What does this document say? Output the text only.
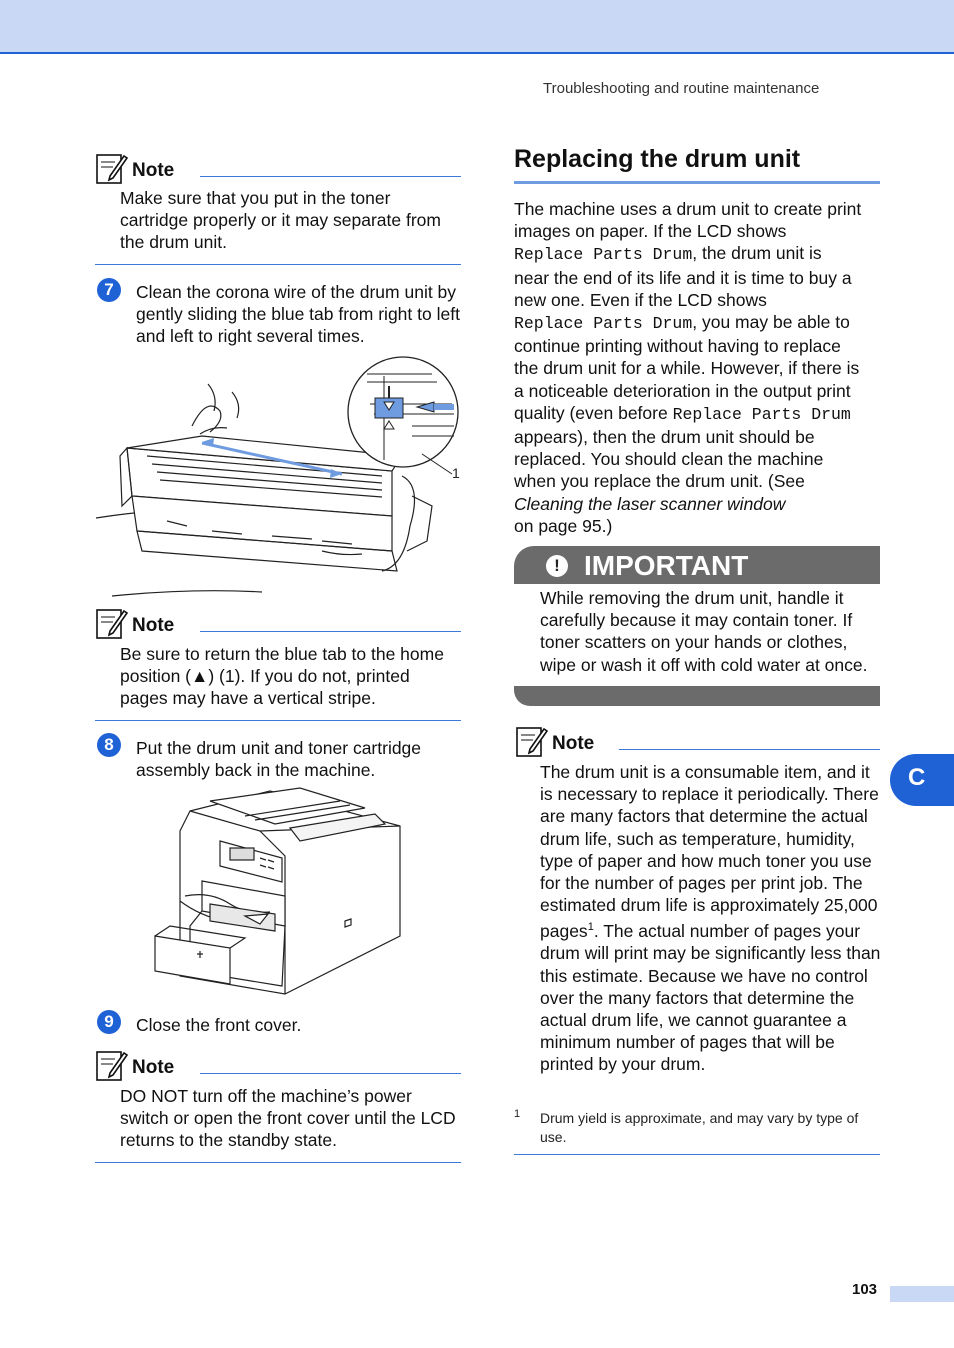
Troubleshooting and routine maintenance
Note
Make sure that you put in the toner cartridge properly or it may separate from the drum unit.
7	Clean the corona wire of the drum unit by gently sliding the blue tab from right to left and left to right several times.
1
Note
Be sure to return the blue tab to the home position (▲) (1). If you do not, printed pages may have a vertical stripe.
8	Put the drum unit and toner cartridge assembly back in the machine.
9	Close the front cover.
Note
DO NOT turn off the machine’s power switch or open the front cover until the LCD returns to the standby state.
Replacing the drum unit
The machine uses a drum unit to create print
images on paper. If the LCD shows
Replace Parts Drum, the drum unit is
near the end of its life and it is time to buy a
new one. Even if the LCD shows
Replace Parts Drum, you may be able to
continue printing without having to replace
the drum unit for a while. However, if there is
a noticeable deterioration in the output print
quality (even before Replace Parts Drum
appears), then the drum unit should be
replaced. You should clean the machine
when you replace the drum unit. (See
Cleaning the laser scanner window
on page 95.)
! IMPORTANT
While removing the drum unit, handle it carefully because it may contain toner. If toner scatters on your hands or clothes, wipe or wash it off with cold water at once.
Note
The drum unit is a consumable item, and it is necessary to replace it periodically. There are many factors that determine the actual drum life, such as temperature, humidity, type of paper and how much toner you use for the number of pages per print job. The estimated drum life is approximately 25,000 pages$^1$. The actual number of pages your drum will print may be significantly less than this estimate. Because we have no control over the many factors that determine the actual drum life, we cannot guarantee a minimum number of pages that will be printed by your drum.
1 Drum yield is approximate, and may vary by type of use.
C
103
